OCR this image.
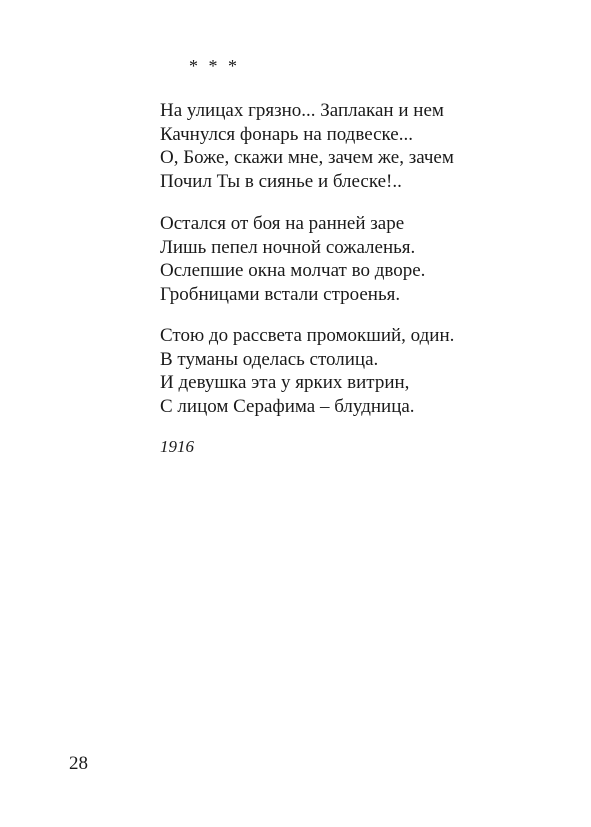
* * *
На улицах грязно... Заплакан и нем
Качнулся фонарь на подвеске...
О, Боже, скажи мне, зачем же, зачем
Почил Ты в сиянье и блеске!..
Остался от боя на ранней заре
Лишь пепел ночной сожаленья.
Ослепшие окна молчат во дворе.
Гробницами встали строенья.
Стою до рассвета промокший, один.
В туманы оделась столица.
И девушка эта у ярких витрин,
С лицом Серафима – блудница.
1916
28
